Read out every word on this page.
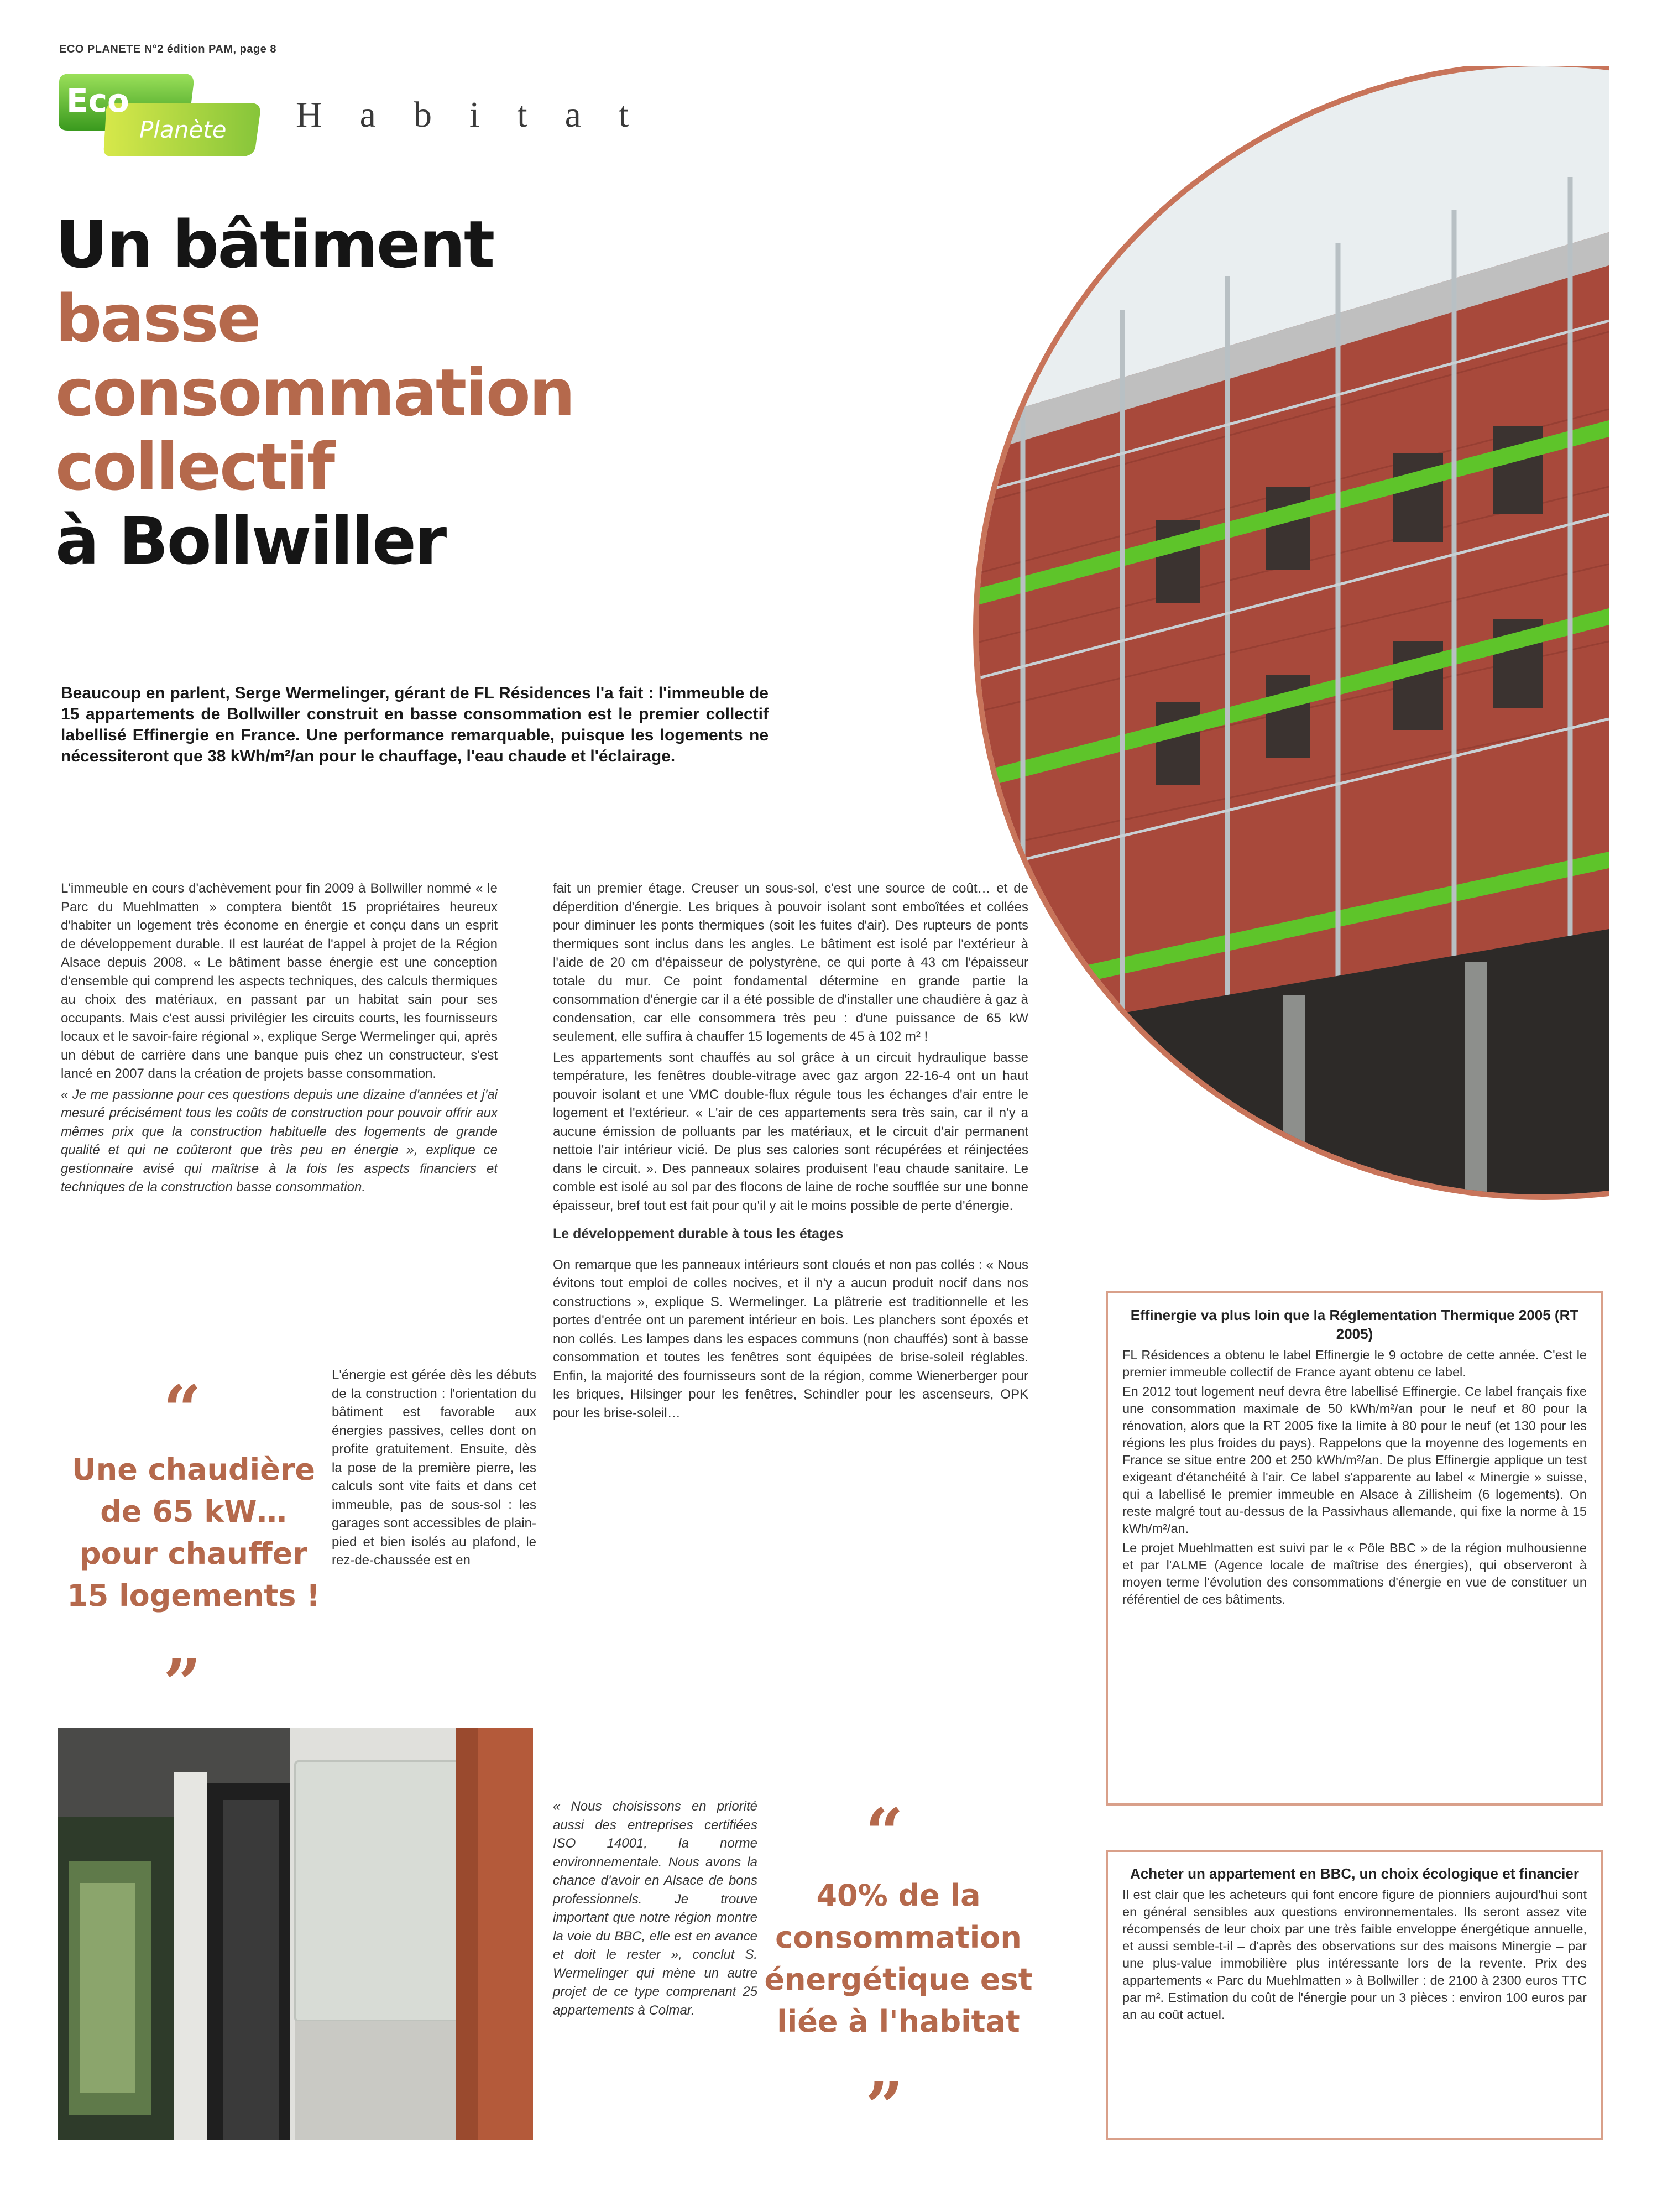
ECO PLANETE N°2 édition PAM, page 8
Eco
Planète Habitat
Un bâtiment
basse
consommation
collectif
à Bollwiller
Beaucoup en parlent, Serge Wermelinger, gérant de FL Résidences l'a fait : l'immeuble de 15 appartements de Bollwiller construit en basse consommation est le premier collectif labellisé Effinergie en France. Une performance remarquable, puisque les logements ne nécessiteront que 38 kWh/m²/an pour le chauffage, l'eau chaude et l'éclairage.

L'immeuble en cours d'achèvement pour fin 2009 à Bollwiller nommé « le Parc du Muehlmatten » comptera bientôt 15 propriétaires heureux d'habiter un logement très économe en énergie et conçu dans un esprit de développement durable. Il est lauréat de l'appel à projet de la Région Alsace depuis 2008. « Le bâtiment basse énergie est une conception d'ensemble qui comprend les aspects techniques, des calculs thermiques au choix des matériaux, en passant par un habitat sain pour ses occupants. Mais c'est aussi privilégier les circuits courts, les fournisseurs locaux et le savoir-faire régional », explique Serge Wermelinger qui, après un début de carrière dans une banque puis chez un constructeur, s'est lancé en 2007 dans la création de projets basse consommation.

« Je me passionne pour ces questions depuis une dizaine d'années et j'ai mesuré précisément tous les coûts de construction pour pouvoir offrir aux mêmes prix que la construction habituelle des logements de grande qualité et qui ne coûteront que très peu en énergie », explique ce gestionnaire avisé qui maîtrise à la fois les aspects financiers et techniques de la construction basse consommation.

L'énergie est gérée dès les débuts de la construction : l'orientation du bâtiment est favorable aux énergies passives, celles dont on profite gratuitement. Ensuite, dès la pose de la première pierre, les calculs sont vite faits et dans cet immeuble, pas de sous-sol : les garages sont accessibles de plain-pied et bien isolés au plafond, le rez-de-chaussée est en

fait un premier étage. Creuser un sous-sol, c'est une source de coût… et de déperdition d'énergie. Les briques à pouvoir isolant sont emboîtées et collées pour diminuer les ponts thermiques (soit les fuites d'air). Des rupteurs de ponts thermiques sont inclus dans les angles. Le bâtiment est isolé par l'extérieur à l'aide de 20 cm d'épaisseur de polystyrène, ce qui porte à 43 cm l'épaisseur totale du mur. Ce point fondamental détermine en grande partie la consommation d'énergie car il a été possible de d'installer une chaudière à gaz à condensation, car elle consommera très peu : d'une puissance de 65 kW seulement, elle suffira à chauffer 15 logements de 45 à 102 m² !

Les appartements sont chauffés au sol grâce à un circuit hydraulique basse température, les fenêtres double-vitrage avec gaz argon 22-16-4 ont un haut pouvoir isolant et une VMC double-flux régule tous les échanges d'air entre le logement et l'extérieur. « L'air de ces appartements sera très sain, car il n'y a aucune émission de polluants par les matériaux, et le circuit d'air permanent nettoie l'air intérieur vicié. De plus ses calories sont récupérées et réinjectées dans le circuit. ». Des panneaux solaires produisent l'eau chaude sanitaire. Le comble est isolé au sol par des flocons de laine de roche soufflée sur une bonne épaisseur, bref tout est fait pour qu'il y ait le moins possible de perte d'énergie.

Le développement durable à tous les étages

On remarque que les panneaux intérieurs sont cloués et non pas collés : « Nous évitons tout emploi de colles nocives, et il n'y a aucun produit nocif dans nos constructions », explique S. Wermelinger. La plâtrerie est traditionnelle et les portes d'entrée ont un parement intérieur en bois. Les planchers sont époxés et non collés. Les lampes dans les espaces communs (non chauffés) sont à basse consommation et toutes les fenêtres sont équipées de brise-soleil réglables. Enfin, la majorité des fournisseurs sont de la région, comme Wienerberger pour les briques, Hilsinger pour les fenêtres, Schindler pour les ascenseurs, OPK pour les brise-soleil…

« Nous choisissons en priorité aussi des entreprises certifiées ISO 14001, la norme environnementale. Nous avons la chance d'avoir en Alsace de bons professionnels. Je trouve important que notre région montre la voie du BBC, elle est en avance et doit le rester », conclut S. Wermelinger qui mène un autre projet de ce type comprenant 25 appartements à Colmar.

“
Une chaudière de 65 kW… pour chauffer 15 logements !
”
“
40% de la consommation énergétique est liée à l'habitat
”
Effinergie va plus loin que la Réglementation Thermique 2005 (RT 2005)

FL Résidences a obtenu le label Effinergie le 9 octobre de cette année. C'est le premier immeuble collectif de France ayant obtenu ce label.

En 2012 tout logement neuf devra être labellisé Effinergie. Ce label français fixe une consommation maximale de 50 kWh/m²/an pour le neuf et 80 pour la rénovation, alors que la RT 2005 fixe la limite à 80 pour le neuf (et 130 pour les régions les plus froides du pays). Rappelons que la moyenne des logements en France se situe entre 200 et 250 kWh/m²/an. De plus Effinergie applique un test exigeant d'étanchéité à l'air. Ce label s'apparente au label « Minergie » suisse, qui a labellisé le premier immeuble en Alsace à Zillisheim (6 logements). On reste malgré tout au-dessus de la Passivhaus allemande, qui fixe la norme à 15 kWh/m²/an.

Le projet Muehlmatten est suivi par le « Pôle BBC » de la région mulhousienne et par l'ALME (Agence locale de maîtrise des énergies), qui observeront à moyen terme l'évolution des consommations d'énergie en vue de constituer un référentiel de ces bâtiments.

Acheter un appartement en BBC, un choix écologique et financier

Il est clair que les acheteurs qui font encore figure de pionniers aujourd'hui sont en général sensibles aux questions environnementales. Ils seront assez vite récompensés de leur choix par une très faible enveloppe énergétique annuelle, et aussi semble-t-il – d'après des observations sur des maisons Minergie – par une plus-value immobilière plus intéressante lors de la revente. Prix des appartements « Parc du Muehlmatten » à Bollwiller : de 2100 à 2300 euros TTC par m². Estimation du coût de l'énergie pour un 3 pièces : environ 100 euros par an au coût actuel.
